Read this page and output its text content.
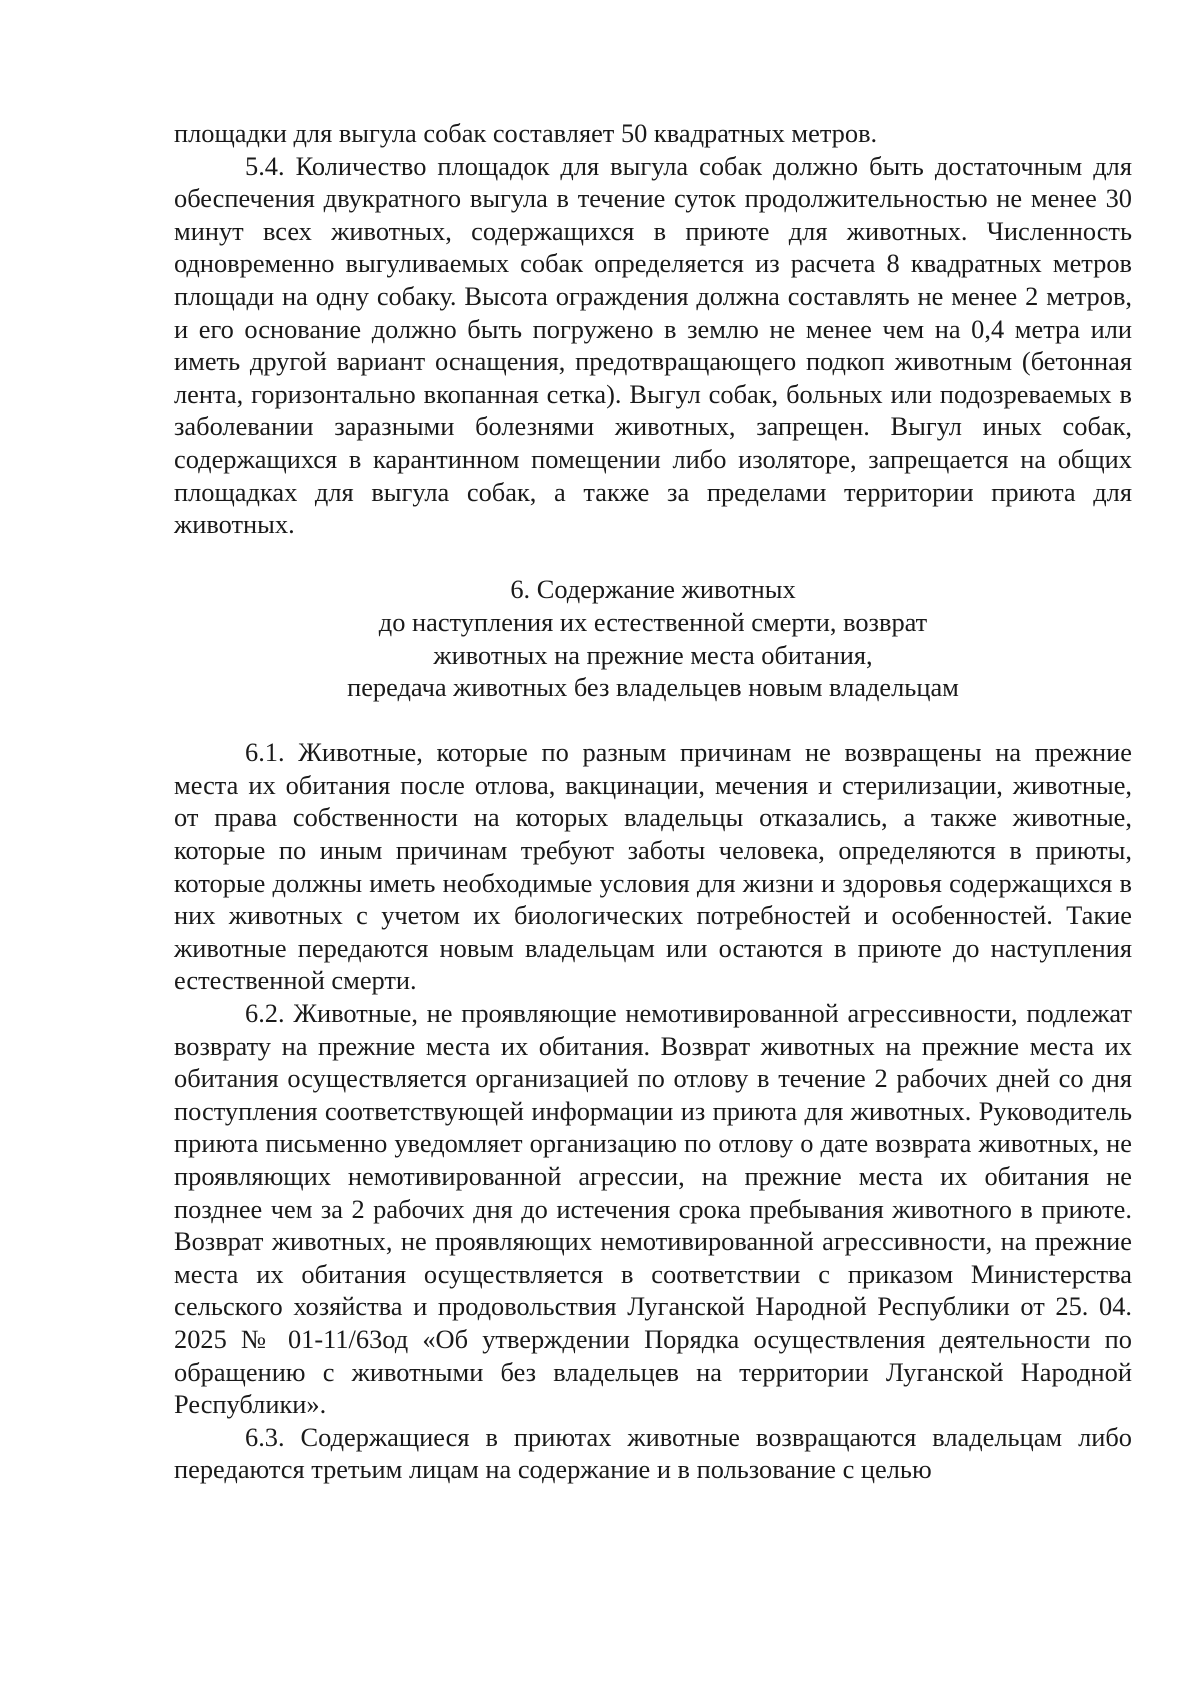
площадки для выгула собак составляет 50 квадратных метров.

5.4. Количество площадок для выгула собак должно быть достаточным для обеспечения двукратного выгула в течение суток продолжительностью не менее 30 минут всех животных, содержащихся в приюте для животных. Численность одновременно выгуливаемых собак определяется из расчета 8 квадратных метров площади на одну собаку. Высота ограждения должна составлять не менее 2 метров, и его основание должно быть погружено в землю не менее чем на 0,4 метра или иметь другой вариант оснащения, предотвращающего подкоп животным (бетонная лента, горизонтально вкопанная сетка). Выгул собак, больных или подозреваемых в заболевании заразными болезнями животных, запрещен. Выгул иных собак, содержащихся в карантинном помещении либо изоляторе, запрещается на общих площадках для выгула собак, а также за пределами территории приюта для животных.

6. Содержание животных
до наступления их естественной смерти, возврат
животных на прежние места обитания,
передача животных без владельцев новым владельцам

6.1. Животные, которые по разным причинам не возвращены на прежние места их обитания после отлова, вакцинации, мечения и стерилизации, животные, от права собственности на которых владельцы отказались, а также животные, которые по иным причинам требуют заботы человека, определяются в приюты, которые должны иметь необходимые условия для жизни и здоровья содержащихся в них животных с учетом их биологических потребностей и особенностей. Такие животные передаются новым владельцам или остаются в приюте до наступления естественной смерти.

6.2. Животные, не проявляющие немотивированной агрессивности, подлежат возврату на прежние места их обитания. Возврат животных на прежние места их обитания осуществляется организацией по отлову в течение 2 рабочих дней со дня поступления соответствующей информации из приюта для животных. Руководитель приюта письменно уведомляет организацию по отлову о дате возврата животных, не проявляющих немотивированной агрессии, на прежние места их обитания не позднее чем за 2 рабочих дня до истечения срока пребывания животного в приюте. Возврат животных, не проявляющих немотивированной агрессивности, на прежние места их обитания осуществляется в соответствии с приказом Министерства сельского хозяйства и продовольствия Луганской Народной Республики от 25. 04. 2025 № 01-11/63од «Об утверждении Порядка осуществления деятельности по обращению с животными без владельцев на территории Луганской Народной Республики».

6.3. Содержащиеся в приютах животные возвращаются владельцам либо передаются третьим лицам на содержание и в пользование с целью
